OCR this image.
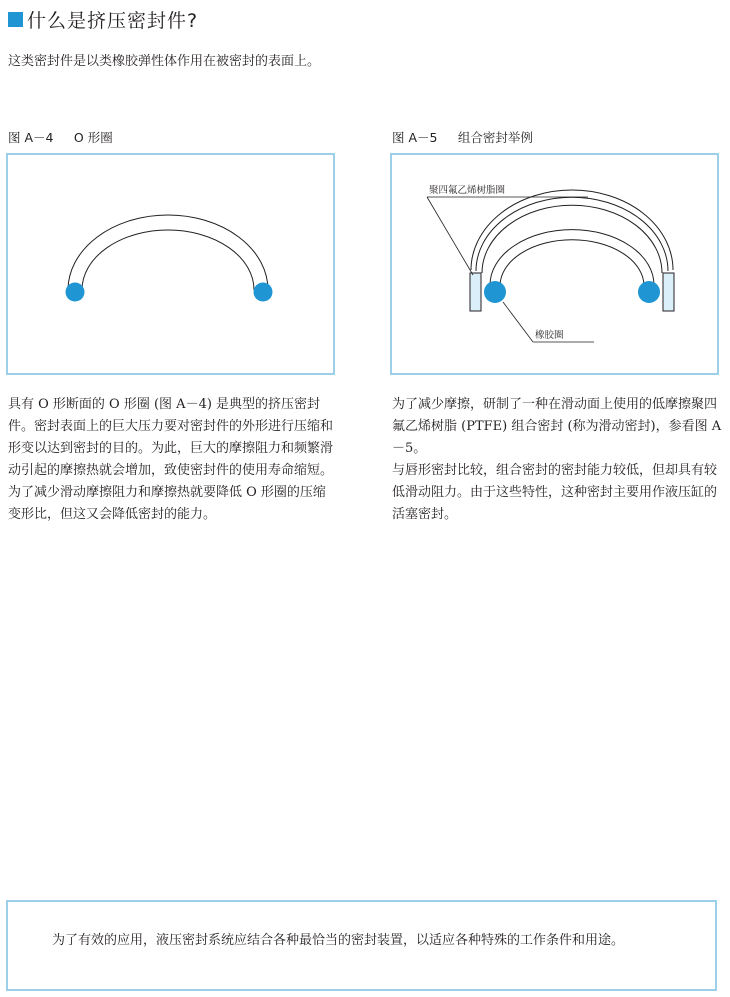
什么是挤压密封件?
这类密封件是以类橡胶弹性体作用在被密封的表面上。
图 A－4 　 O 形圈	图 A－5 　 组合密封举例
聚四氟乙烯树脂圈
橡胶圈
具有 O 形断面的 O 形圈 (图 A－4) 是典型的挤压密封件。密封表面上的巨大压力要对密封件的外形进行压缩和形变以达到密封的目的。为此，巨大的摩擦阻力和频繁滑动引起的摩擦热就会增加，致使密封件的使用寿命缩短。为了减少滑动摩擦阻力和摩擦热就要降低 O 形圈的压缩变形比，但这又会降低密封的能力。
为了减少摩擦，研制了一种在滑动面上使用的低摩擦聚四氟乙烯树脂 (PTFE) 组合密封 (称为滑动密封)，参看图 A－5。
与唇形密封比较，组合密封的密封能力较低，但却具有较低滑动阻力。由于这些特性，这种密封主要用作液压缸的活塞密封。
为了有效的应用，液压密封系统应结合各种最恰当的密封装置，以适应各种特殊的工作条件和用途。
